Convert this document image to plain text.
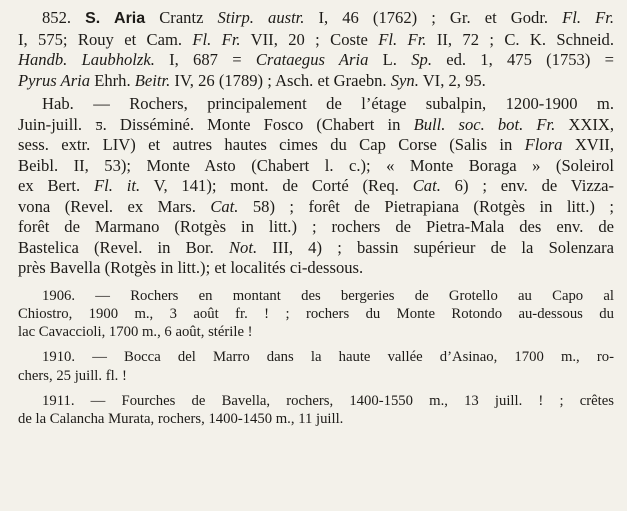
852. S. Aria Crantz Stirp. austr. I, 46 (1762) ; Gr. et Godr. Fl. Fr.

I, 575; Rouy et Cam. Fl. Fr. VII, 20 ; Coste Fl. Fr. II, 72 ; C. K. Schneid.

Handb. Laubholzk. I, 687 = Crataegus Aria L. Sp. ed. 1, 475 (1753) =

Pyrus Aria Ehrh. Beitr. IV, 26 (1789) ; Asch. et Graebn. Syn. VI, 2, 95.

Hab. — Rochers, principalement de l’étage subalpin, 1200-1900 m.

Juin-juill. ƽ. Disséminé. Monte Fosco (Chabert in Bull. soc. bot. Fr. XXIX,

sess. extr. LIV) et autres hautes cimes du Cap Corse (Salis in Flora XVII,

Beibl. II, 53); Monte Asto (Chabert l. c.); « Monte Boraga » (Soleirol

ex Bert. Fl. it. V, 141); mont. de Corté (Req. Cat. 6) ; env. de Vizza-

vona (Revel. ex Mars. Cat. 58) ; forêt de Pietrapiana (Rotgès in litt.) ;

forêt de Marmano (Rotgès in litt.) ; rochers de Pietra-Mala des env. de

Bastelica (Revel. in Bor. Not. III, 4) ; bassin supérieur de la Solenzara

près Bavella (Rotgès in litt.); et localités ci-dessous.

1906. — Rochers en montant des bergeries de Grotello au Capo al

Chiostro, 1900 m., 3 août fr. ! ; rochers du Monte Rotondo au-dessous du

lac Cavaccioli, 1700 m., 6 août, stérile !

1910. — Bocca del Marro dans la haute vallée d’Asinao, 1700 m., ro-

chers, 25 juill. fl. !

1911. — Fourches de Bavella, rochers, 1400-1550 m., 13 juill. ! ; crêtes

de la Calancha Murata, rochers, 1400-1450 m., 11 juill.
